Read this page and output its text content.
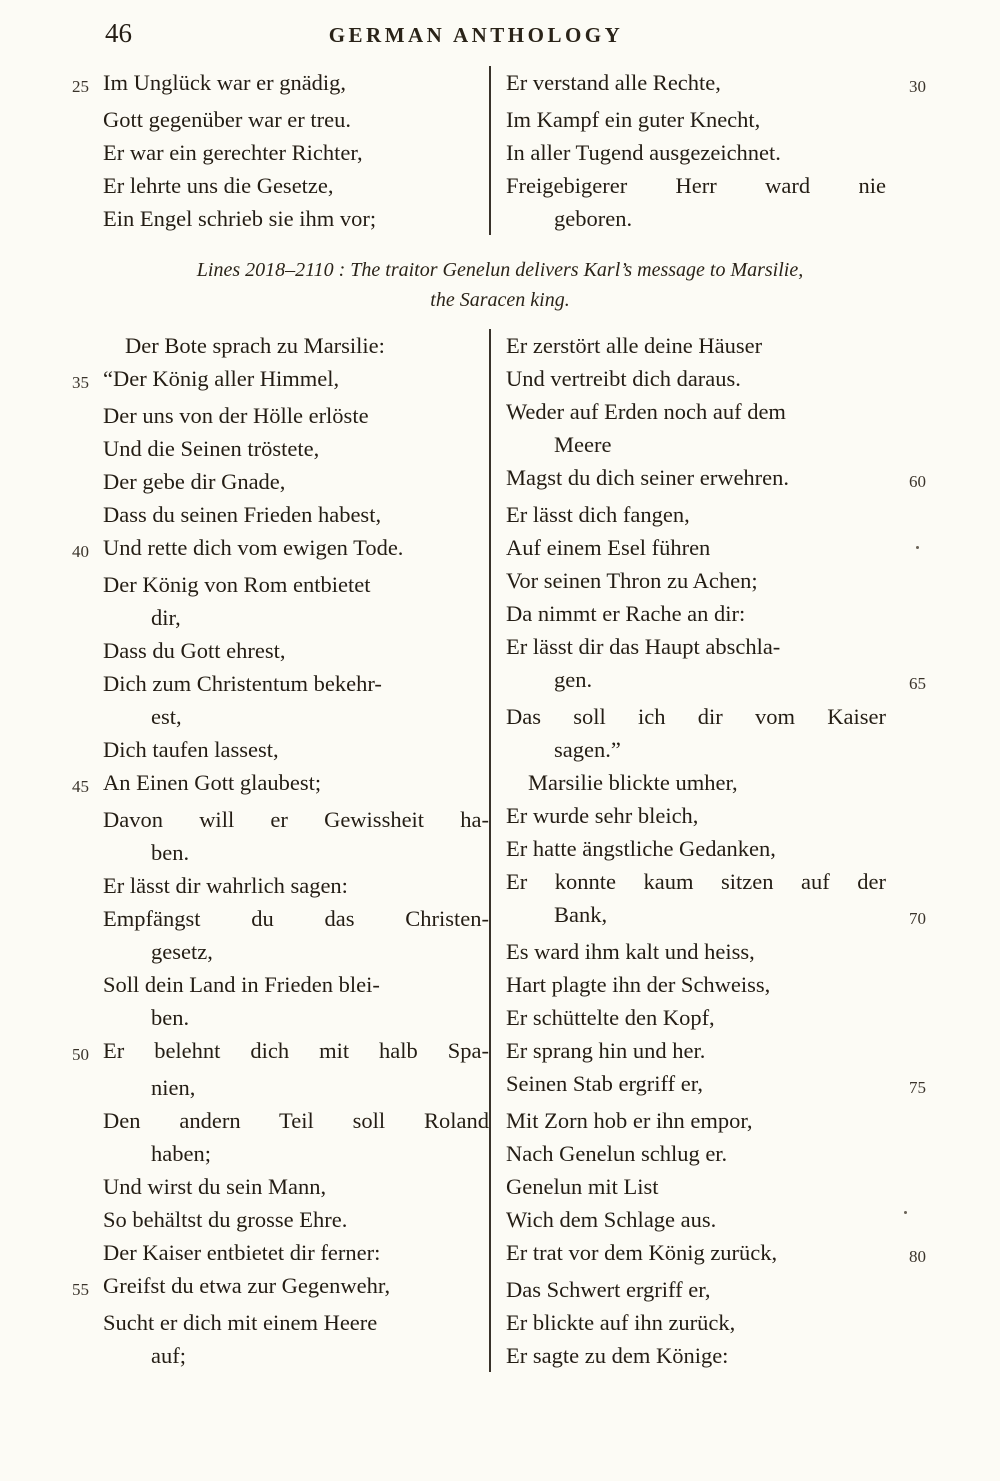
46	GERMAN ANTHOLOGY
25 Im Unglück war er gnädig,
Gott gegenüber war er treu.
Er war ein gerechter Richter,
Er lehrte uns die Gesetze,
Ein Engel schrieb sie ihm vor;
Er verstand alle Rechte,	30
Im Kampf ein guter Knecht,
In aller Tugend ausgezeichnet.
Freigebigerer Herr ward nie
geboren.
Lines 2018–2110 : The traitor Genelun delivers Karl’s message to Marsilie,
the Saracen king.
Der Bote sprach zu Marsilie:
35 “Der König aller Himmel,
Der uns von der Hölle erlöste
Und die Seinen tröstete,
Der gebe dir Gnade,
Dass du seinen Frieden habest,
40 Und rette dich vom ewigen Tode.
Der König von Rom entbietet
dir,
Dass du Gott ehrest,
Dich zum Christentum bekehr-
est,
Dich taufen lassest,
45 An Einen Gott glaubest;
Davon will er Gewissheit ha-
ben.
Er lässt dir wahrlich sagen:
Empfängst du das Christen-
gesetz,
Soll dein Land in Frieden blei-
ben.
50 Er belehnt dich mit halb Spa-
nien,
Den andern Teil soll Roland
haben;
Und wirst du sein Mann,
So behältst du grosse Ehre.
Der Kaiser entbietet dir ferner:
55 Greifst du etwa zur Gegenwehr,
Sucht er dich mit einem Heere
auf;
Er zerstört alle deine Häuser
Und vertreibt dich daraus.
Weder auf Erden noch auf dem
Meere
Magst du dich seiner erwehren.	60
Er lässt dich fangen,
Auf einem Esel führen
Vor seinen Thron zu Achen;
Da nimmt er Rache an dir:
Er lässt dir das Haupt abschla-
gen.	65
Das soll ich dir vom Kaiser
sagen.”
Marsilie blickte umher,
Er wurde sehr bleich,
Er hatte ängstliche Gedanken,
Er konnte kaum sitzen auf der
Bank,	70
Es ward ihm kalt und heiss,
Hart plagte ihn der Schweiss,
Er schüttelte den Kopf,
Er sprang hin und her.
Seinen Stab ergriff er,	75
Mit Zorn hob er ihn empor,
Nach Genelun schlug er.
Genelun mit List
Wich dem Schlage aus.
Er trat vor dem König zurück,	80
Das Schwert ergriff er,
Er blickte auf ihn zurück,
Er sagte zu dem Könige:
